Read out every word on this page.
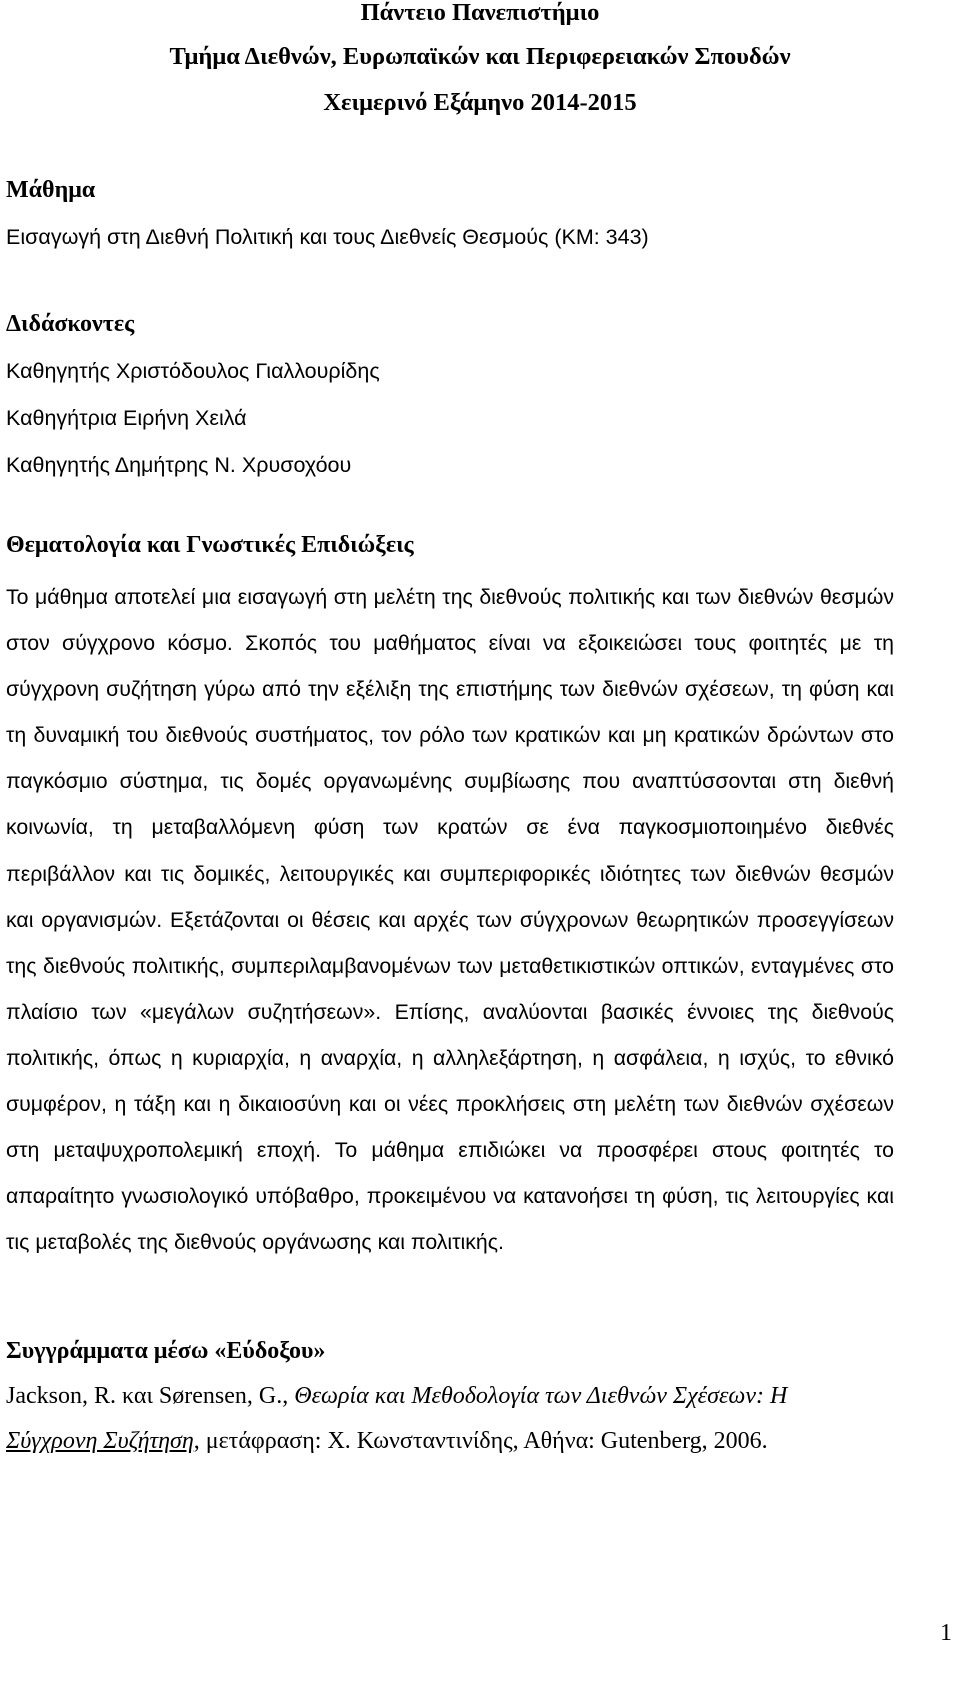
Πάντειο Πανεπιστήμιο
Τμήμα Διεθνών, Ευρωπαϊκών και Περιφερειακών Σπουδών
Χειμερινό Εξάμηνο 2014-2015
Μάθημα
Εισαγωγή στη Διεθνή Πολιτική και τους Διεθνείς Θεσμούς (ΚΜ: 343)
Διδάσκοντες
Καθηγητής Χριστόδουλος Γιαλλουρίδης
Καθηγήτρια Ειρήνη Χειλά
Καθηγητής Δημήτρης Ν. Χρυσοχόου
Θεματολογία και Γνωστικές Επιδιώξεις
Το μάθημα αποτελεί μια εισαγωγή στη μελέτη της διεθνούς πολιτικής και των διεθνών θεσμών στον σύγχρονο κόσμο. Σκοπός του μαθήματος είναι να εξοικειώσει τους φοιτητές με τη σύγχρονη συζήτηση γύρω από την εξέλιξη της επιστήμης των διεθνών σχέσεων, τη φύση και τη δυναμική του διεθνούς συστήματος, τον ρόλο των κρατικών και μη κρατικών δρώντων στο παγκόσμιο σύστημα, τις δομές οργανωμένης συμβίωσης που αναπτύσσονται στη διεθνή κοινωνία, τη μεταβαλλόμενη φύση των κρατών σε ένα παγκοσμιοποιημένο διεθνές περιβάλλον και τις δομικές, λειτουργικές και συμπεριφορικές ιδιότητες των διεθνών θεσμών και οργανισμών. Εξετάζονται οι θέσεις και αρχές των σύγχρονων θεωρητικών προσεγγίσεων της διεθνούς πολιτικής, συμπεριλαμβανομένων των μεταθετικιστικών οπτικών, ενταγμένες στο πλαίσιο των «μεγάλων συζητήσεων». Επίσης, αναλύονται βασικές έννοιες της διεθνούς πολιτικής, όπως η κυριαρχία, η αναρχία, η αλληλεξάρτηση, η ασφάλεια, η ισχύς, το εθνικό συμφέρον, η τάξη και η δικαιοσύνη και οι νέες προκλήσεις στη μελέτη των διεθνών σχέσεων στη μεταψυχροπολεμική εποχή. Το μάθημα επιδιώκει να προσφέρει στους φοιτητές το απαραίτητο γνωσιολογικό υπόβαθρο, προκειμένου να κατανοήσει τη φύση, τις λειτουργίες και τις μεταβολές της διεθνούς οργάνωσης και πολιτικής.
Συγγράμματα μέσω «Εύδοξου»
Jackson, R. και Sørensen, G., Θεωρία και Μεθοδολογία των Διεθνών Σχέσεων: Η
Σύγχρονη Συζήτηση, μετάφραση: Χ. Κωνσταντινίδης, Αθήνα: Gutenberg, 2006.
1
